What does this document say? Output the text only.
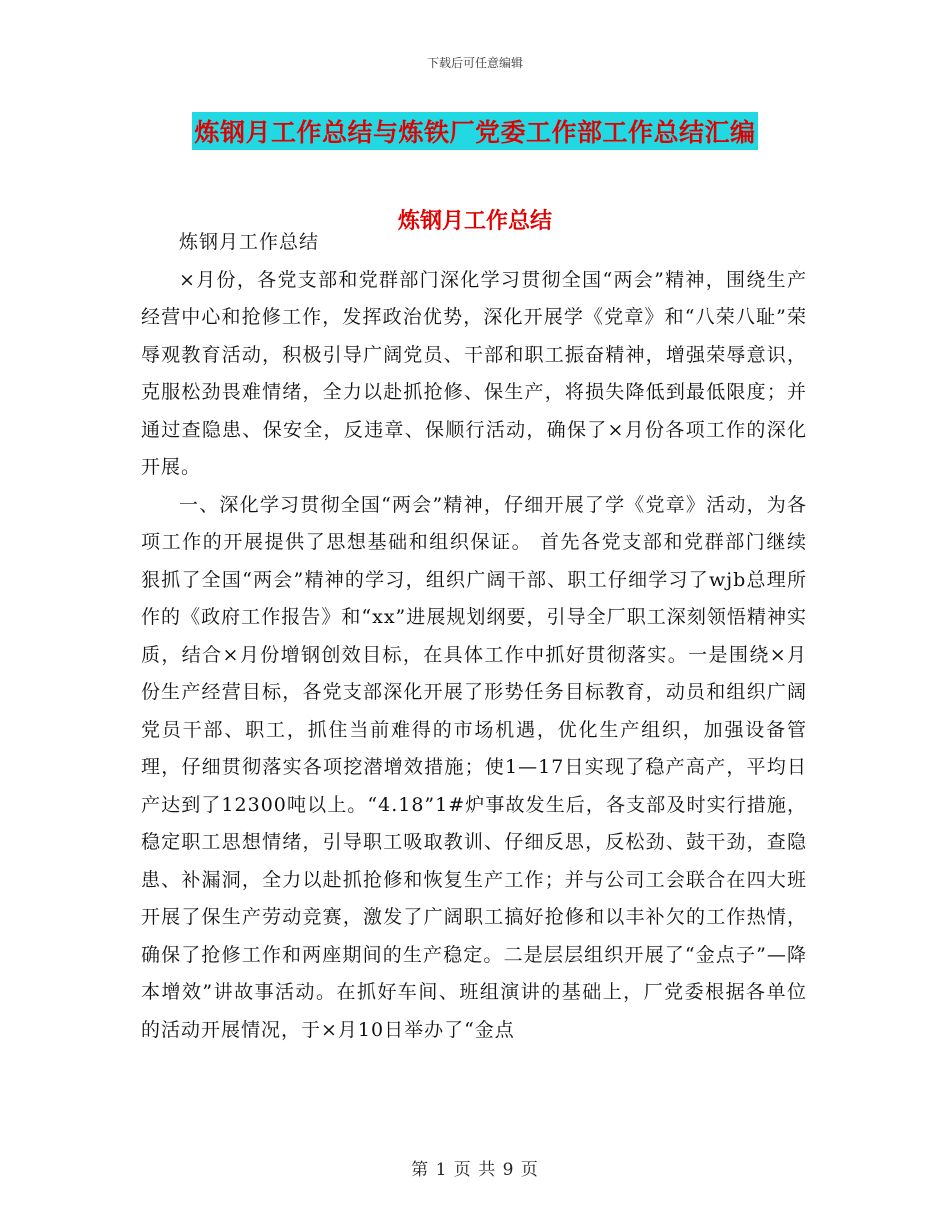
下载后可任意编辑
炼钢月工作总结与炼铁厂党委工作部工作总结汇编
炼钢月工作总结

炼钢月工作总结

×月份，各党支部和党群部门深化学习贯彻全国“两会”精神，围绕生产经营中心和抢修工作，发挥政治优势，深化开展学《党章》和“八荣八耻”荣辱观教育活动，积极引导广阔党员、干部和职工振奋精神，增强荣辱意识，克服松劲畏难情绪，全力以赴抓抢修、保生产，将损失降低到最低限度；并通过查隐患、保安全，反违章、保顺行活动，确保了×月份各项工作的深化开展。

一、深化学习贯彻全国“两会”精神，仔细开展了学《党章》活动，为各项工作的开展提供了思想基础和组织保证。 首先各党支部和党群部门继续狠抓了全国“两会”精神的学习，组织广阔干部、职工仔细学习了wjb总理所作的《政府工作报告》和“xx”进展规划纲要，引导全厂职工深刻领悟精神实质，结合×月份增钢创效目标，在具体工作中抓好贯彻落实。一是围绕×月份生产经营目标，各党支部深化开展了形势任务目标教育，动员和组织广阔党员干部、职工，抓住当前难得的市场机遇，优化生产组织，加强设备管理，仔细贯彻落实各项挖潜增效措施；使1—17日实现了稳产高产，平均日产达到了12300吨以上。“4.18”1#炉事故发生后，各支部及时实行措施，稳定职工思想情绪，引导职工吸取教训、仔细反思，反松劲、鼓干劲，查隐患、补漏洞，全力以赴抓抢修和恢复生产工作；并与公司工会联合在四大班开展了保生产劳动竞赛，激发了广阔职工搞好抢修和以丰补欠的工作热情，确保了抢修工作和两座期间的生产稳定。二是层层组织开展了“金点子”—降本增效”讲故事活动。在抓好车间、班组演讲的基础上，厂党委根据各单位的活动开展情况，于×月10日举办了“金点

第 1 页 共 9 页
